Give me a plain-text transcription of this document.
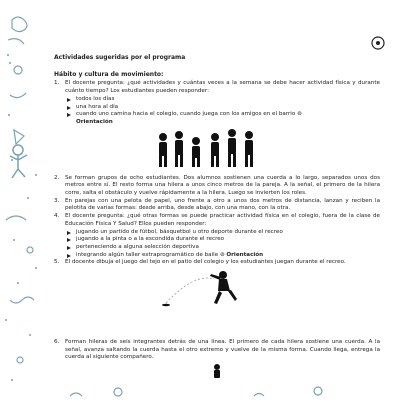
Actividades sugeridas por el programa
Hábito y cultura de movimiento:
1. El docente pregunta: ¿qué actividades y cuántas veces a la semana se debe hacer actividad física y durante cuánto tiempo? Los estudiantes pueden responder:
todos los días
una hora al día
cuando uno camina hacia el colegio, cuando juega con los amigos en el barrio ⊚
Orientación
2. Se forman grupos de ocho estudiantes. Dos alumnos sostienen una cuerda a lo largo, separados unos dos metros entre sí. El resto forma una hilera a unos cinco metros de la pareja. A la señal, el primero de la hilera corre, salta el obstáculo y vuelve rápidamente a la hilera. Luego se invierten los roles.
3. En parejas con una pelota de papel, uno frente a otro a unos dos metros de distancia, lanzan y reciben la pelotita de varias formas: desde arriba, desde abajo, con una mano, con la otra.
4. El docente pregunta: ¿qué otras formas se puede practicar actividad física en el colegio, fuera de la clase de Educación Física Y Salud? Ellos pueden responder:
jugando un partido de fútbol, básquetbol u otro deporte durante el recreo
jugando a la pinta o a la escondida durante el recreo
perteneciendo a alguna selección deportiva
integrando algún taller extraprogramático de baile ⊚ Orientación
5. El docente dibuja el juego del tejo en el patio del colegio y los estudiantes juegan durante el recreo.
6. Forman hileras de seis integrantes detrás de una línea. El primero de cada hilera sostiene una cuerda. A la señal, avanza saltando la cuerda hasta el otro extremo y vuelve de la misma forma. Cuando llega, entrega la cuerda al siguiente compañero.
